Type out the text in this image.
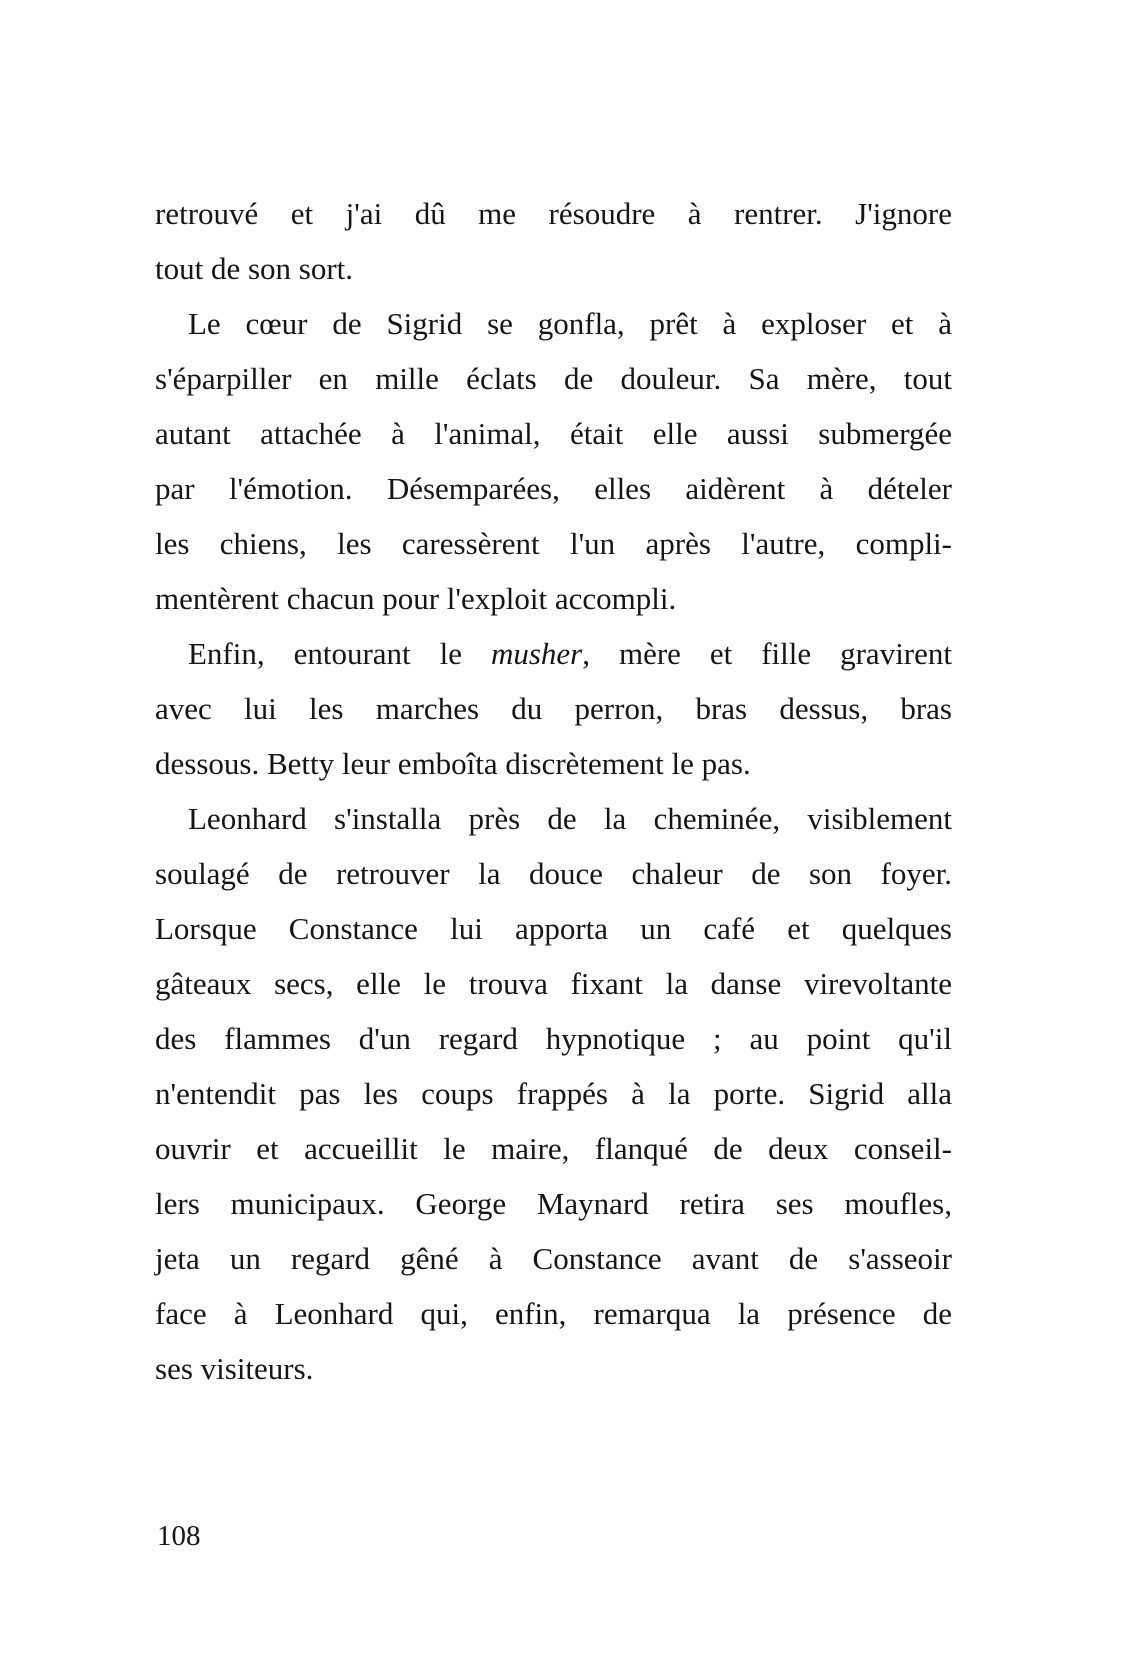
retrouvé et j'ai dû me résoudre à rentrer. J'ignore
tout de son sort.
Le cœur de Sigrid se gonfla, prêt à exploser et à
s'éparpiller en mille éclats de douleur. Sa mère, tout
autant attachée à l'animal, était elle aussi submergée
par l'émotion. Désemparées, elles aidèrent à dételer
les chiens, les caressèrent l'un après l'autre, compli-
mentèrent chacun pour l'exploit accompli.
Enfin, entourant le musher, mère et fille gravirent
avec lui les marches du perron, bras dessus, bras
dessous. Betty leur emboîta discrètement le pas.
Leonhard s'installa près de la cheminée, visiblement
soulagé de retrouver la douce chaleur de son foyer.
Lorsque Constance lui apporta un café et quelques
gâteaux secs, elle le trouva fixant la danse virevoltante
des flammes d'un regard hypnotique ; au point qu'il
n'entendit pas les coups frappés à la porte. Sigrid alla
ouvrir et accueillit le maire, flanqué de deux conseil-
lers municipaux. George Maynard retira ses moufles,
jeta un regard gêné à Constance avant de s'asseoir
face à Leonhard qui, enfin, remarqua la présence de
ses visiteurs.
108
